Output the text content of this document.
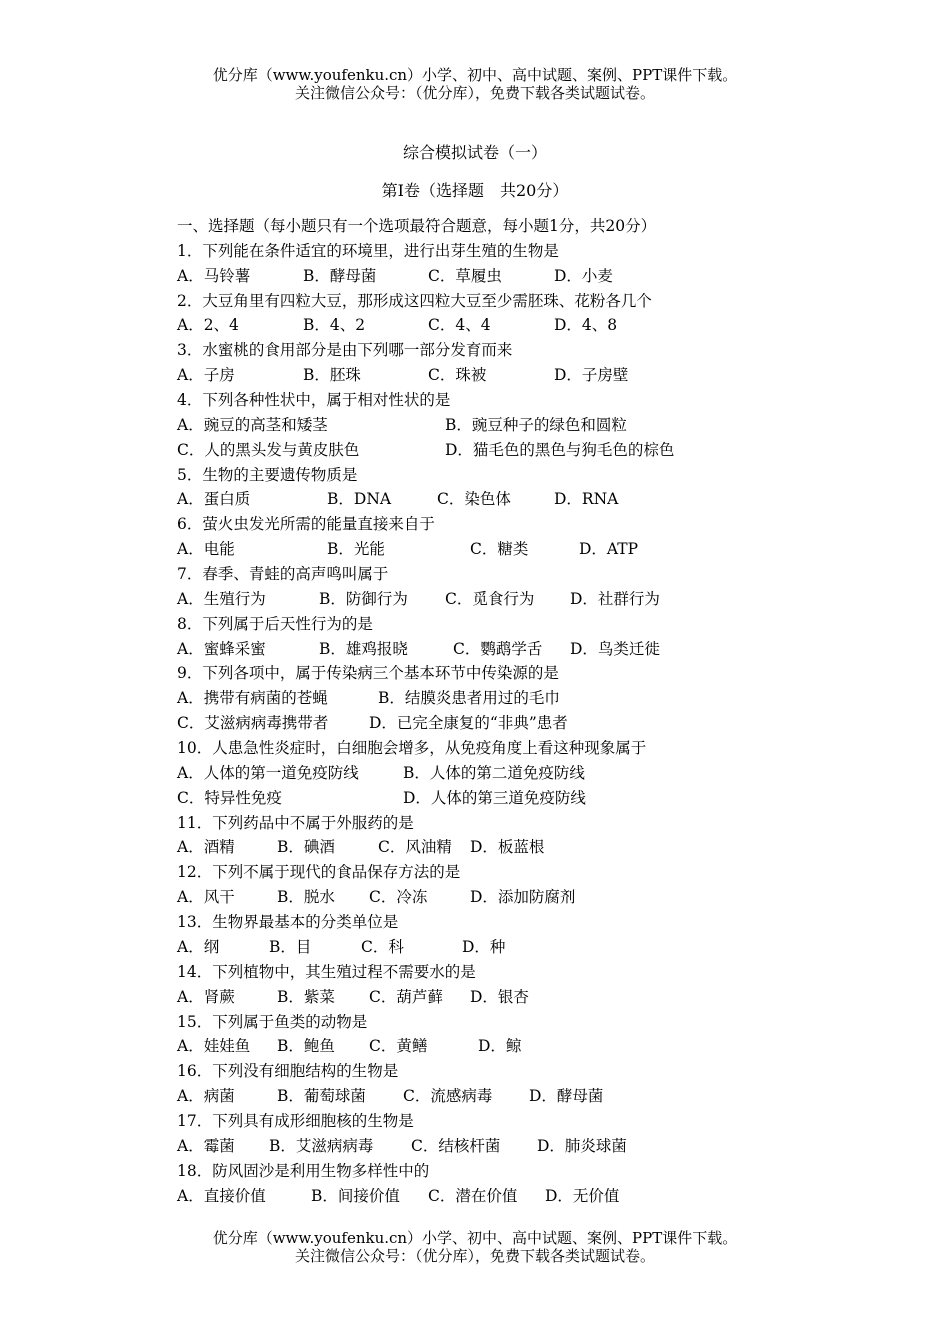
优分库（www.youfenku.cn）小学、初中、高中试题、案例、PPT课件下载。
关注微信公众号：（优分库），免费下载各类试题试卷。
综合模拟试卷（一）
第Ⅰ卷（选择题　共20分）
一、选择题（每小题只有一个选项最符合题意，每小题1分，共20分）
1．下列能在条件适宜的环境里，进行出芽生殖的生物是
A．马铃薯	B．酵母菌	C．草履虫	D．小麦
2．大豆角里有四粒大豆，那形成这四粒大豆至少需胚珠、花粉各几个
A．2、4	B．4、2	C．4、4	D．4、8
3．水蜜桃的食用部分是由下列哪一部分发育而来
A．子房	B．胚珠	C．珠被	D．子房壁
4．下列各种性状中，属于相对性状的是
A．豌豆的高茎和矮茎	B．豌豆种子的绿色和圆粒
C．人的黑头发与黄皮肤色	D．猫毛色的黑色与狗毛色的棕色
5．生物的主要遗传物质是
A．蛋白质	B．DNA	C．染色体	D．RNA
6．萤火虫发光所需的能量直接来自于
A．电能	B．光能	C．糖类	D．ATP
7．春季、青蛙的高声鸣叫属于
A．生殖行为	B．防御行为 C．觅食行为 D．社群行为
8．下列属于后天性行为的是
A．蜜蜂采蜜	B．雄鸡报晓	C．鹦鹉学舌 D．鸟类迁徙
9．下列各项中，属于传染病三个基本环节中传染源的是
A．携带有病菌的苍蝇	B．结膜炎患者用过的毛巾
C．艾滋病病毒携带者	D．已完全康复的“非典”患者
10．人患急性炎症时，白细胞会增多，从免疫角度上看这种现象属于
A．人体的第一道免疫防线	B．人体的第二道免疫防线
C．特异性免疫	D．人体的第三道免疫防线
11．下列药品中不属于外服药的是
A．酒精	B．碘酒	C．风油精 D．板蓝根
12．下列不属于现代的食品保存方法的是
A．风干	B．脱水 C．冷冻	D．添加防腐剂
13．生物界最基本的分类单位是
A．纲	B．目	C．科	D．种
14．下列植物中，其生殖过程不需要水的是
A．肾蕨	B．紫菜 C．葫芦藓 D．银杏
15．下列属于鱼类的动物是
A．娃娃鱼 B．鲍鱼 C．黄鳝	D．鲸
16．下列没有细胞结构的生物是
A．病菌	B．葡萄球菌 C．流感病毒 D．酵母菌
17．下列具有成形细胞核的生物是
A．霉菌 B．艾滋病病毒 C．结核杆菌 D．肺炎球菌
18．防风固沙是利用生物多样性中的
A．直接价值	B．间接价值 C．潜在价值 D．无价值
优分库（www.youfenku.cn）小学、初中、高中试题、案例、PPT课件下载。
关注微信公众号：（优分库），免费下载各类试题试卷。
